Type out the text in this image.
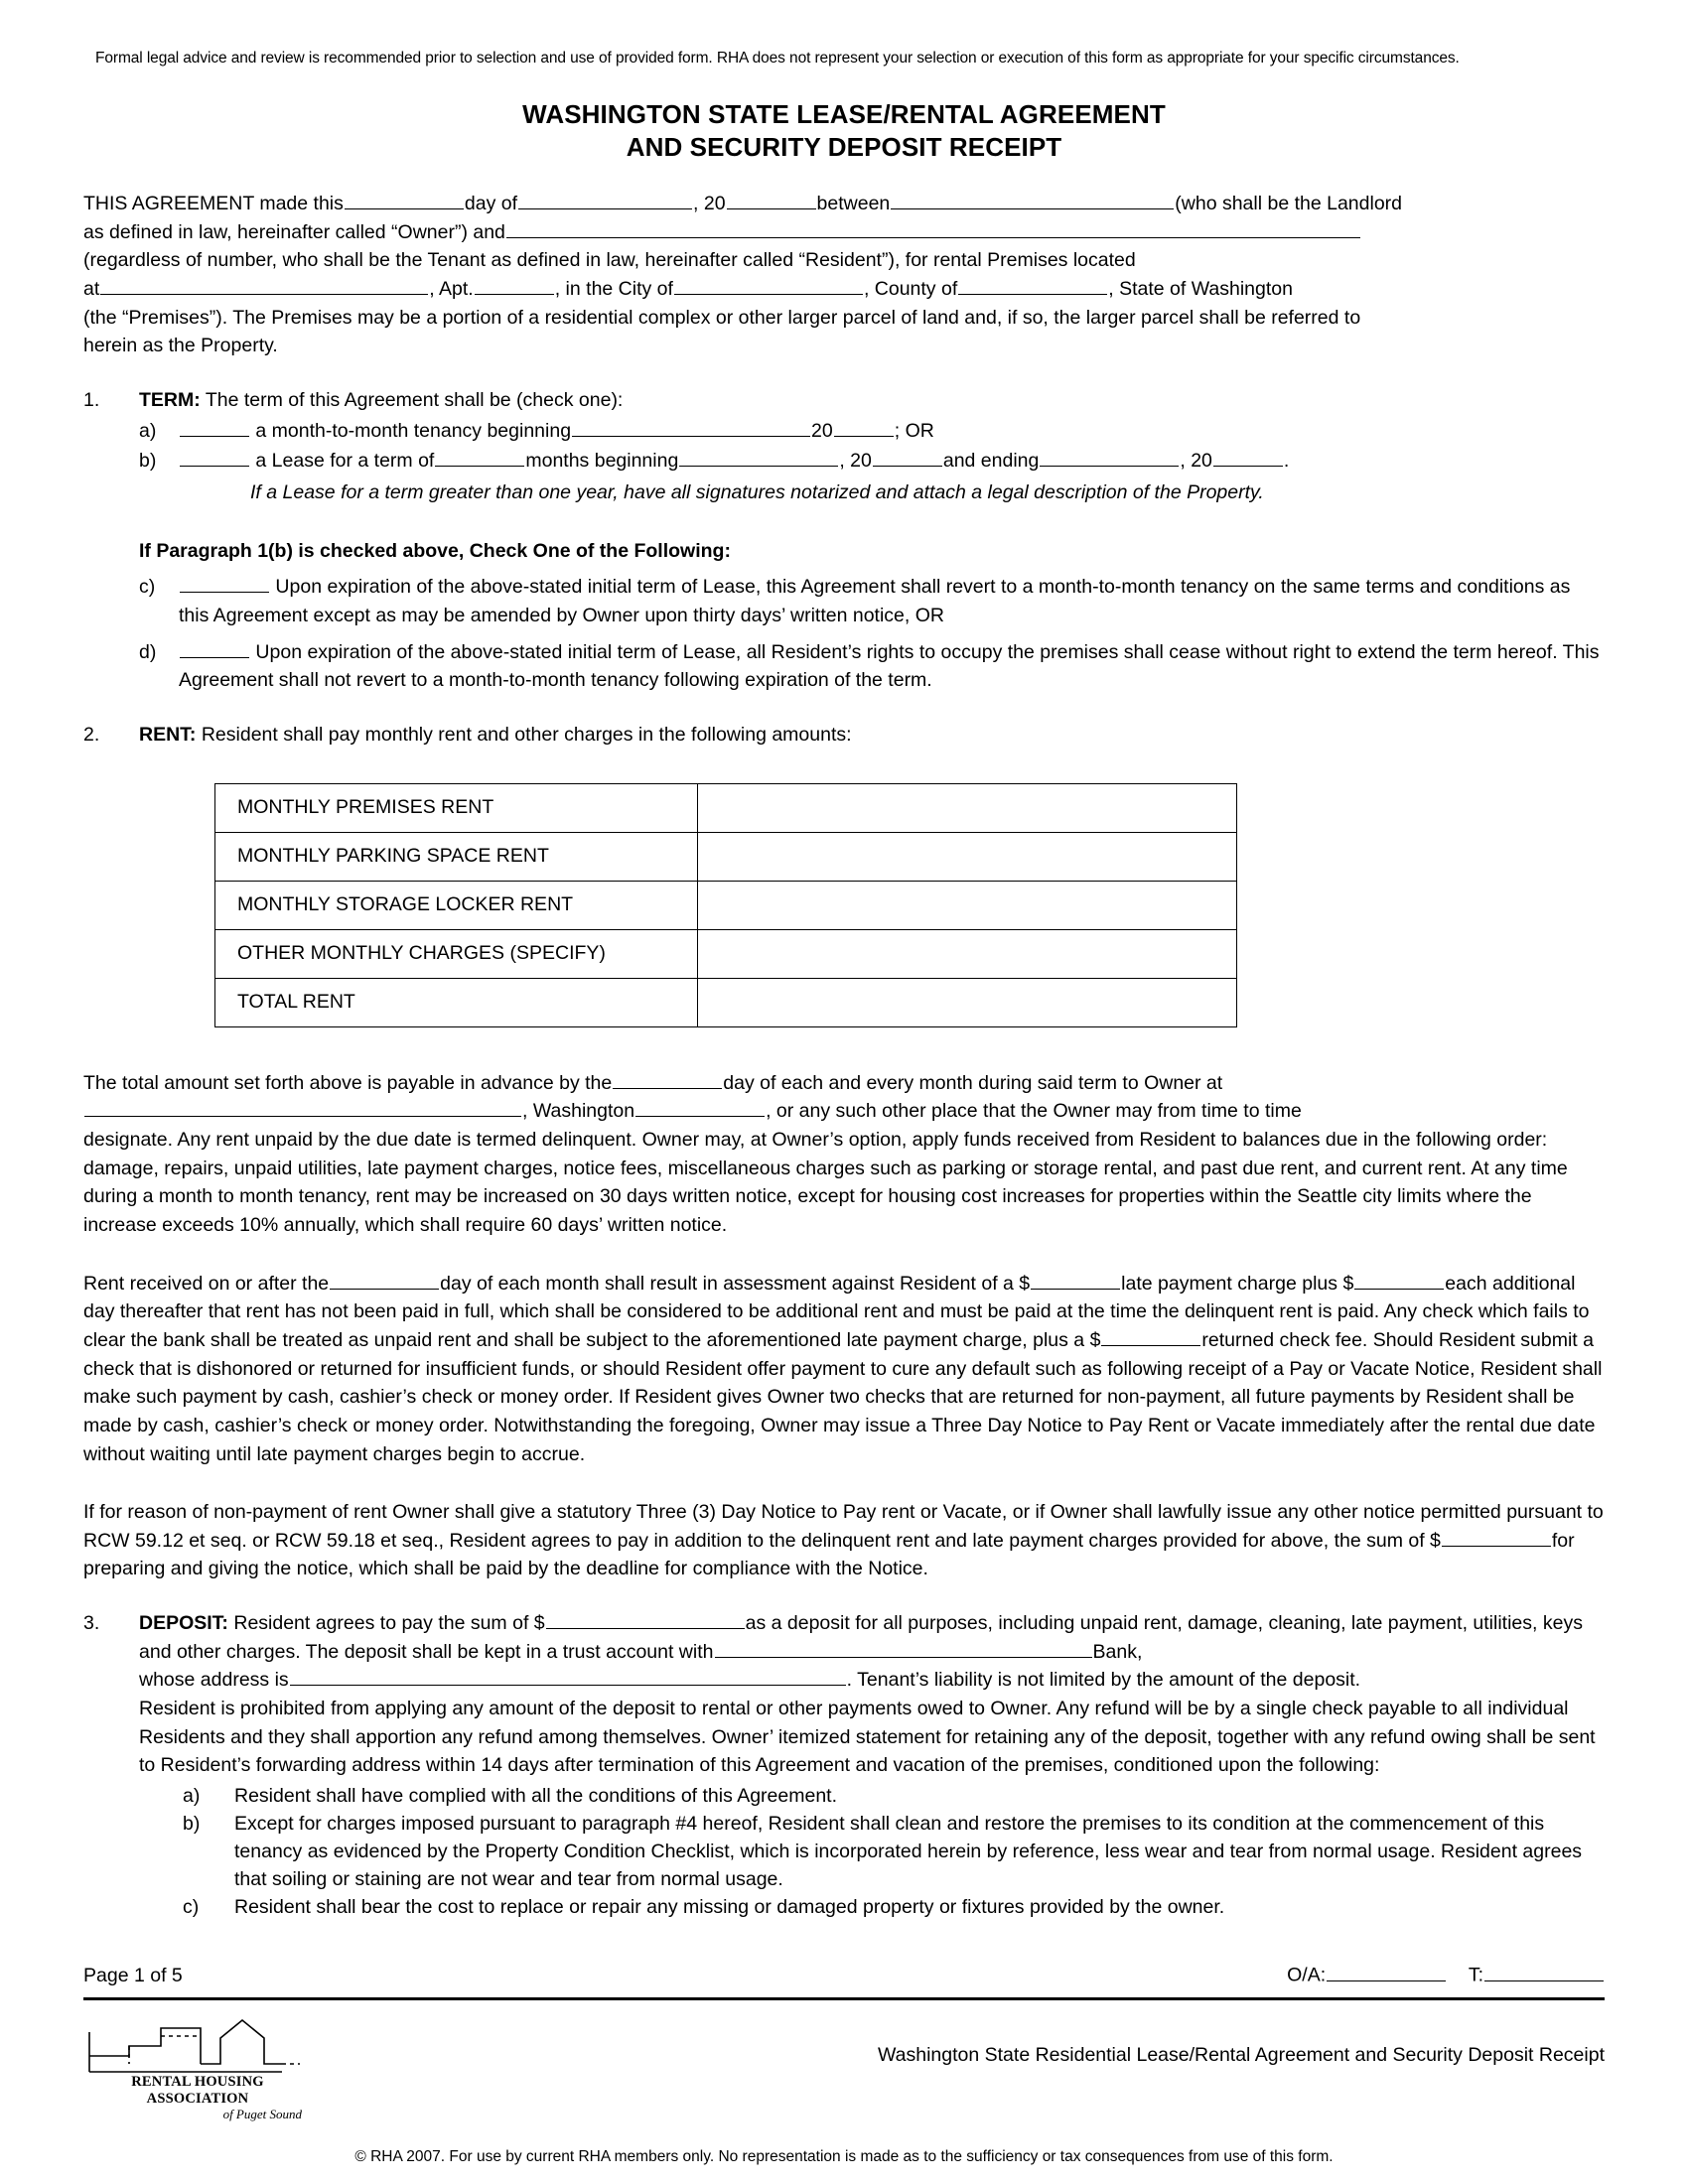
Formal legal advice and review is recommended prior to selection and use of provided form. RHA does not represent your selection or execution of this form as appropriate for your specific circumstances.
WASHINGTON STATE LEASE/RENTAL AGREEMENT
AND SECURITY DEPOSIT RECEIPT
THIS AGREEMENT made this	day of	, 20	between	(who shall be the Landlord
as defined in law, hereinafter called “Owner”) and
(regardless of number, who shall be the Tenant as defined in law, hereinafter called “Resident”), for rental Premises located
at	, Apt.	, in the City of	, County of	, State of Washington
(the “Premises”). The Premises may be a portion of a residential complex or other larger parcel of land and, if so, the larger parcel shall be referred to
herein as the Property.
1.	TERM: The term of this Agreement shall be (check one):
a)	a month-to-month tenancy beginning	20	; OR
b)	a Lease for a term of	months beginning	, 20	and ending	, 20	.
If a Lease for a term greater than one year, have all signatures notarized and attach a legal description of the Property.
If Paragraph 1(b) is checked above, Check One of the Following:
c)	Upon expiration of the above-stated initial term of Lease, this Agreement shall revert to a month-to-month tenancy on the same terms and conditions as this Agreement except as may be amended by Owner upon thirty days’ written notice, OR
d)	Upon expiration of the above-stated initial term of Lease, all Resident’s rights to occupy the premises shall cease without right to extend the term hereof. This Agreement shall not revert to a month-to-month tenancy following expiration of the term.
2.	RENT: Resident shall pay monthly rent and other charges in the following amounts:
MONTHLY PREMISES RENT	
MONTHLY PARKING SPACE RENT	
MONTHLY STORAGE LOCKER RENT	
OTHER MONTHLY CHARGES (SPECIFY)	
TOTAL RENT	
The total amount set forth above is payable in advance by the	day of each and every month during said term to Owner at
, Washington	, or any such other place that the Owner may from time to time
designate. Any rent unpaid by the due date is termed delinquent. Owner may, at Owner’s option, apply funds received from Resident to balances due in the following order: damage, repairs, unpaid utilities, late payment charges, notice fees, miscellaneous charges such as parking or storage rental, and past due rent, and current rent. At any time during a month to month tenancy, rent may be increased on 30 days written notice, except for housing cost increases for properties within the Seattle city limits where the increase exceeds 10% annually, which shall require 60 days’ written notice.
Rent received on or after the	day of each month shall result in assessment against Resident of a $	late payment charge plus $	each additional day thereafter that rent has not been paid in full, which shall be considered to be additional rent and must be paid at the time the delinquent rent is paid. Any check which fails to clear the bank shall be treated as unpaid rent and shall be subject to the aforementioned late payment charge, plus a $	returned check fee. Should Resident submit a check that is dishonored or returned for insufficient funds, or should Resident offer payment to cure any default such as following receipt of a Pay or Vacate Notice, Resident shall make such payment by cash, cashier’s check or money order. If Resident gives Owner two checks that are returned for non-payment, all future payments by Resident shall be made by cash, cashier’s check or money order. Notwithstanding the foregoing, Owner may issue a Three Day Notice to Pay Rent or Vacate immediately after the rental due date without waiting until late payment charges begin to accrue.
If for reason of non-payment of rent Owner shall give a statutory Three (3) Day Notice to Pay rent or Vacate, or if Owner shall lawfully issue any other notice permitted pursuant to RCW 59.12 et seq. or RCW 59.18 et seq., Resident agrees to pay in addition to the delinquent rent and late payment charges provided for above, the sum of $	for preparing and giving the notice, which shall be paid by the deadline for compliance with the Notice.
3.	DEPOSIT: Resident agrees to pay the sum of $	as a deposit for all purposes, including unpaid rent, damage, cleaning, late payment, utilities, keys and other charges. The deposit shall be kept in a trust account with	Bank,
whose address is	. Tenant’s liability is not limited by the amount of the deposit.
Resident is prohibited from applying any amount of the deposit to rental or other payments owed to Owner. Any refund will be by a single check payable to all individual Residents and they shall apportion any refund among themselves. Owner’ itemized statement for retaining any of the deposit, together with any refund owing shall be sent to Resident’s forwarding address within 14 days after termination of this Agreement and vacation of the premises, conditioned upon the following:
a)	Resident shall have complied with all the conditions of this Agreement.
b)	Except for charges imposed pursuant to paragraph #4 hereof, Resident shall clean and restore the premises to its condition at the commencement of this tenancy as evidenced by the Property Condition Checklist, which is incorporated herein by reference, less wear and tear from normal usage. Resident agrees that soiling or staining are not wear and tear from normal usage.
c)	Resident shall bear the cost to replace or repair any missing or damaged property or fixtures provided by the owner.
Page 1 of 5	O/A:	T:
RENTAL HOUSING ASSOCIATION
of Puget Sound
Washington State Residential Lease/Rental Agreement and Security Deposit Receipt
© RHA 2007. For use by current RHA members only. No representation is made as to the sufficiency or tax consequences from use of this form.
